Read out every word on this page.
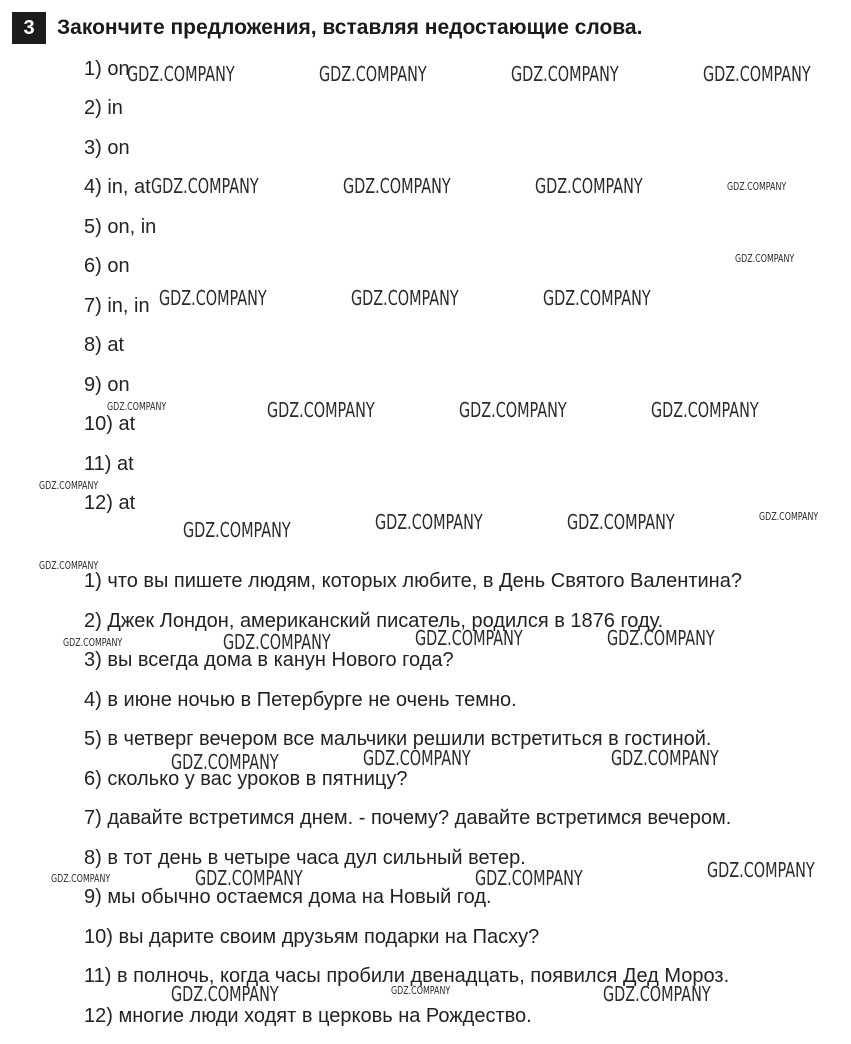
3	Закончите предложения, вставляя недостающие слова.
1) on
2) in
3) on
4) in, at
5) on, in
6) on
7) in, in
8) at
9) on
10) at
11) at
12) at
1) что вы пишете людям, которых любите, в День Святого Валентина?
2) Джек Лондон, американский писатель, родился в 1876 году.
3) вы всегда дома в канун Нового года?
4) в июне ночью в Петербурге не очень темно.
5) в четверг вечером все мальчики решили встретиться в гостиной.
6) сколько у вас уроков в пятницу?
7) давайте встретимся днем. - почему? давайте встретимся вечером.
8) в тот день в четыре часа дул сильный ветер.
9) мы обычно остаемся дома на Новый год.
10) вы дарите своим друзьям подарки на Пасху?
11) в полночь, когда часы пробили двенадцать, появился Дед Мороз.
12) многие люди ходят в церковь на Рождество.
GDZ.COMPANY	GDZ.COMPANY	GDZ.COMPANY	GDZ.COMPANY
GDZ.COMPANY	GDZ.COMPANY	GDZ.COMPANY	GDZ.COMPANY
GDZ.COMPANY
GDZ.COMPANY	GDZ.COMPANY	GDZ.COMPANY
GDZ.COMPANY	GDZ.COMPANY	GDZ.COMPANY	GDZ.COMPANY
GDZ.COMPANY
GDZ.COMPANY	GDZ.COMPANY	GDZ.COMPANY	GDZ.COMPANY
GDZ.COMPANY
GDZ.COMPANY	GDZ.COMPANY	GDZ.COMPANY	GDZ.COMPANY
GDZ.COMPANY	GDZ.COMPANY	GDZ.COMPANY
GDZ.COMPANY
GDZ.COMPANY	GDZ.COMPANY	GDZ.COMPANY
GDZ.COMPANY	GDZ.COMPANY	GDZ.COMPANY
